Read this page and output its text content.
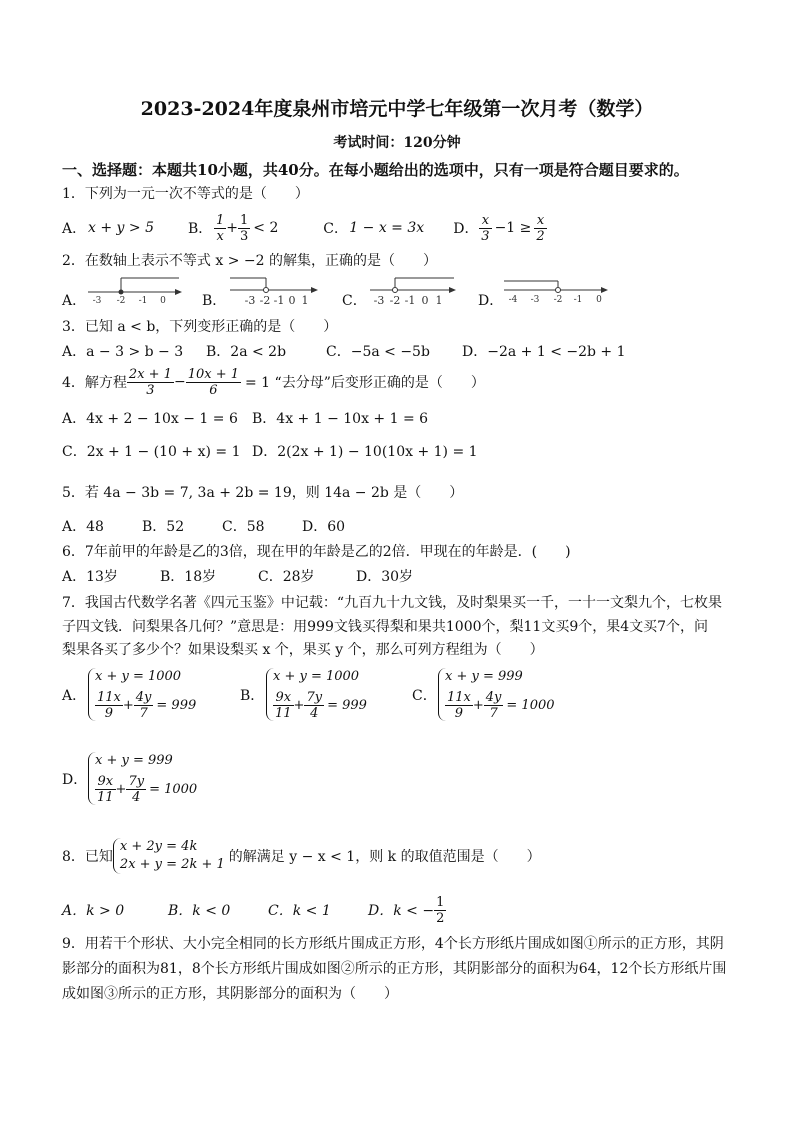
2023-2024年度泉州市培元中学七年级第一次月考（数学）
考试时间：120分钟
一、选择题：本题共10小题，共40分。在每小题给出的选项中，只有一项是符合题目要求的。
1．下列为一元一次不等式的是（　　）
A． x + y > 5	B． $\frac{1}{x} + \frac{1}{3} < 2$	C． 1 − x = 3x	D． $\frac{x}{3} -1 \ge \frac{x}{2}$
2．在数轴上表示不等式 x > −2 的解集，正确的是（　　）
A． -3 -2 -1 0	B． -3 -2 -1 0 1 C． -3 -2 -1 0 1	D． -4 -3 -2 -1 0
3．已知 a < b，下列变形正确的是（　　）
A．a − 3 > b − 3 B．2a < 2b	C．−5a < −5b D．−2a + 1 < −2b + 1
4．解方程 $\frac{2x + 1}{3} - \frac{10x + 1}{6} = 1$ “去分母”后变形正确的是（　　）
A．4x + 2 − 10x − 1 = 6 B．4x + 1 − 10x + 1 = 6
C．2x + 1 − (10 + x) = 1 D．2(2x + 1) − 10(10x + 1) = 1
5．若 4a − 3b = 7, 3a + 2b = 19，则 14a − 2b 是（　　）
A．48	B．52	C．58	D．60
6．7年前甲的年龄是乙的3倍，现在甲的年龄是乙的2倍．甲现在的年龄是．(　　)
A．13岁	B．18岁	C．28岁	D．30岁
7．我国古代数学名著《四元玉鉴》中记载：“九百九十九文钱，及时梨果买一千，一十一文梨九个，七枚果
子四文钱．问梨果各几何？”意思是：用999文钱买得梨和果共1000个，梨11文买9个，果4文买7个，问
梨果各买了多少个？如果设梨买 x 个，果买 y 个，那么可列方程组为（　　）
A．
x + y = 1000
$\frac{11x}{9} + \frac{4y}{7} = 999$
B．
x + y = 1000
$\frac{9x}{11} + \frac{7y}{4} = 999$
C．
x + y = 999
$\frac{11x}{9} + \frac{4y}{7} = 1000$
D．
x + y = 999
$\frac{9x}{11} + \frac{7y}{4} = 1000$
8．已知
x + 2y = 4k
2x + y = 2k + 1 的解满足 y − x < 1，则 k 的取值范围是（　　）
A．k > 0	B．k < 0	C．k < 1	D．k < − $\frac{1}{2}$
9．用若干个形状、大小完全相同的长方形纸片围成正方形，4个长方形纸片围成如图①所示的正方形，其阴
影部分的面积为81，8个长方形纸片围成如图②所示的正方形，其阴影部分的面积为64，12个长方形纸片围
成如图③所示的正方形，其阴影部分的面积为（　　）
